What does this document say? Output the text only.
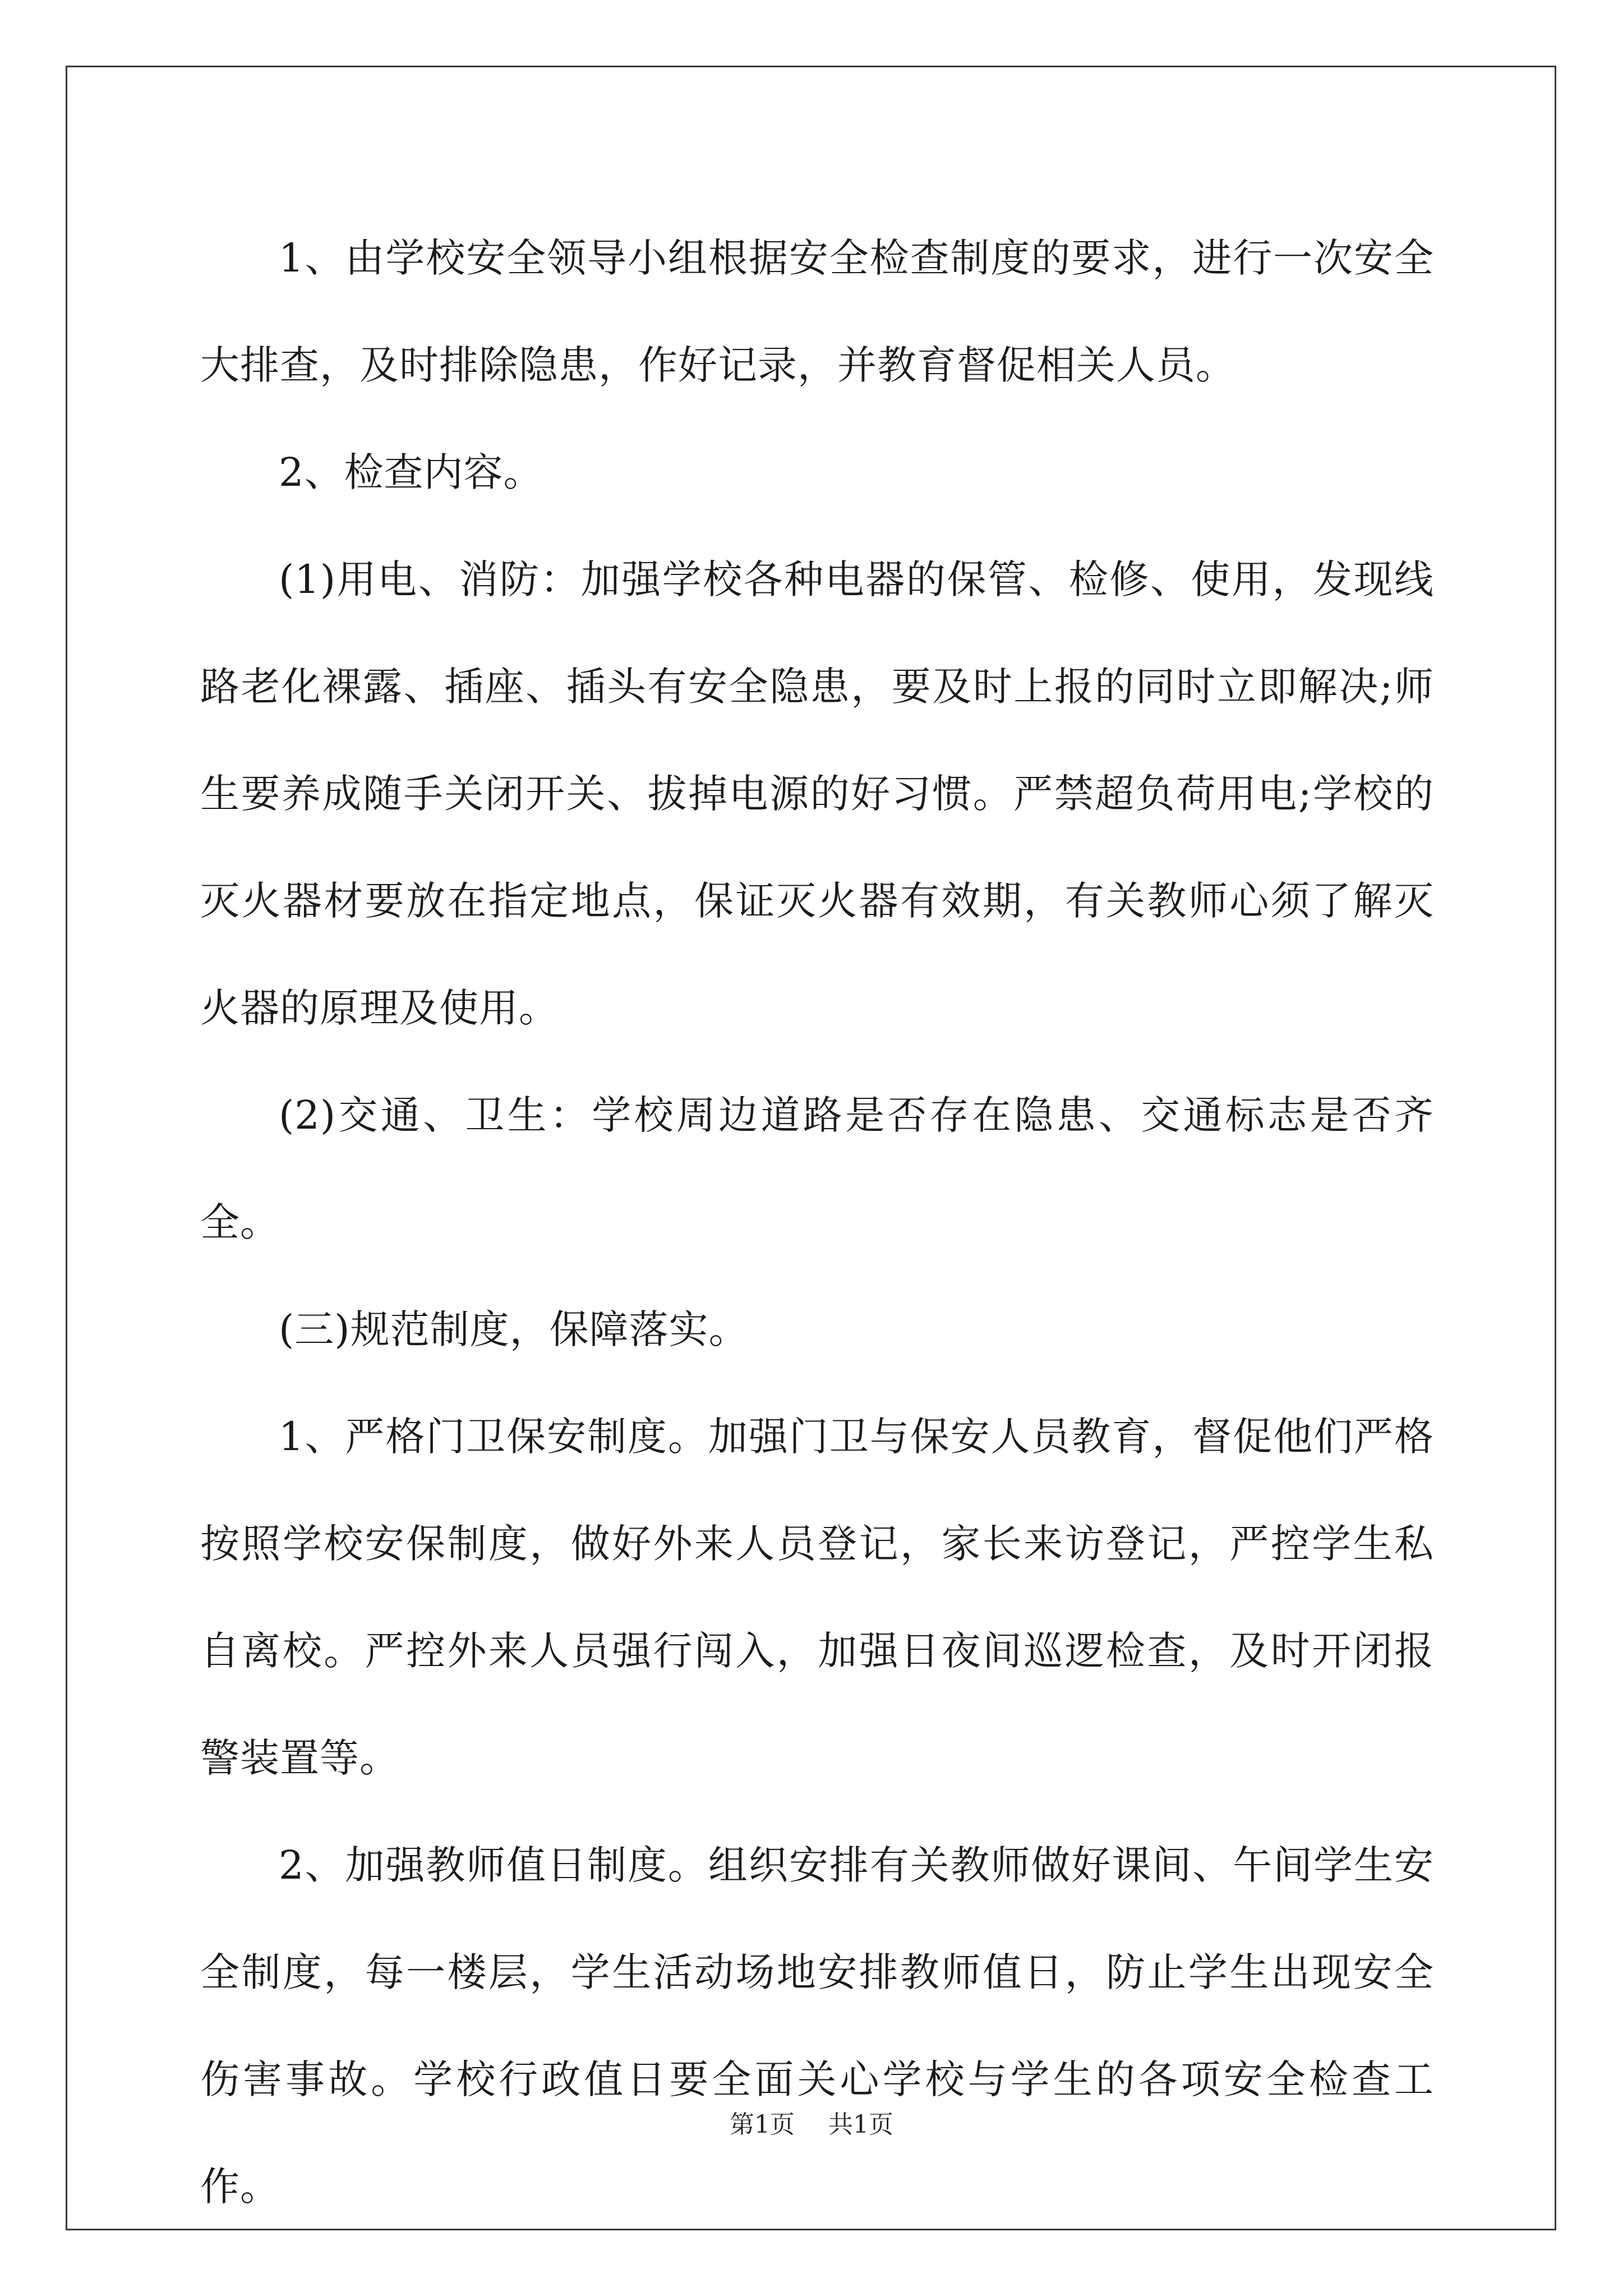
1、由学校安全领导小组根据安全检查制度的要求，进行一次安全大排查，及时排除隐患，作好记录，并教育督促相关人员。

2、检查内容。

(1)用电、消防：加强学校各种电器的保管、检修、使用，发现线路老化裸露、插座、插头有安全隐患，要及时上报的同时立即解决;师生要养成随手关闭开关、拔掉电源的好习惯。严禁超负荷用电;学校的灭火器材要放在指定地点，保证灭火器有效期，有关教师心须了解灭火器的原理及使用。

(2)交通、卫生：学校周边道路是否存在隐患、交通标志是否齐全。

(三)规范制度，保障落实。

1、严格门卫保安制度。加强门卫与保安人员教育，督促他们严格按照学校安保制度，做好外来人员登记，家长来访登记，严控学生私自离校。严控外来人员强行闯入，加强日夜间巡逻检查，及时开闭报警装置等。

2、加强教师值日制度。组织安排有关教师做好课间、午间学生安全制度，每一楼层，学生活动场地安排教师值日，防止学生出现安全伤害事故。学校行政值日要全面关心学校与学生的各项安全检查工作。

第1页 共1页
